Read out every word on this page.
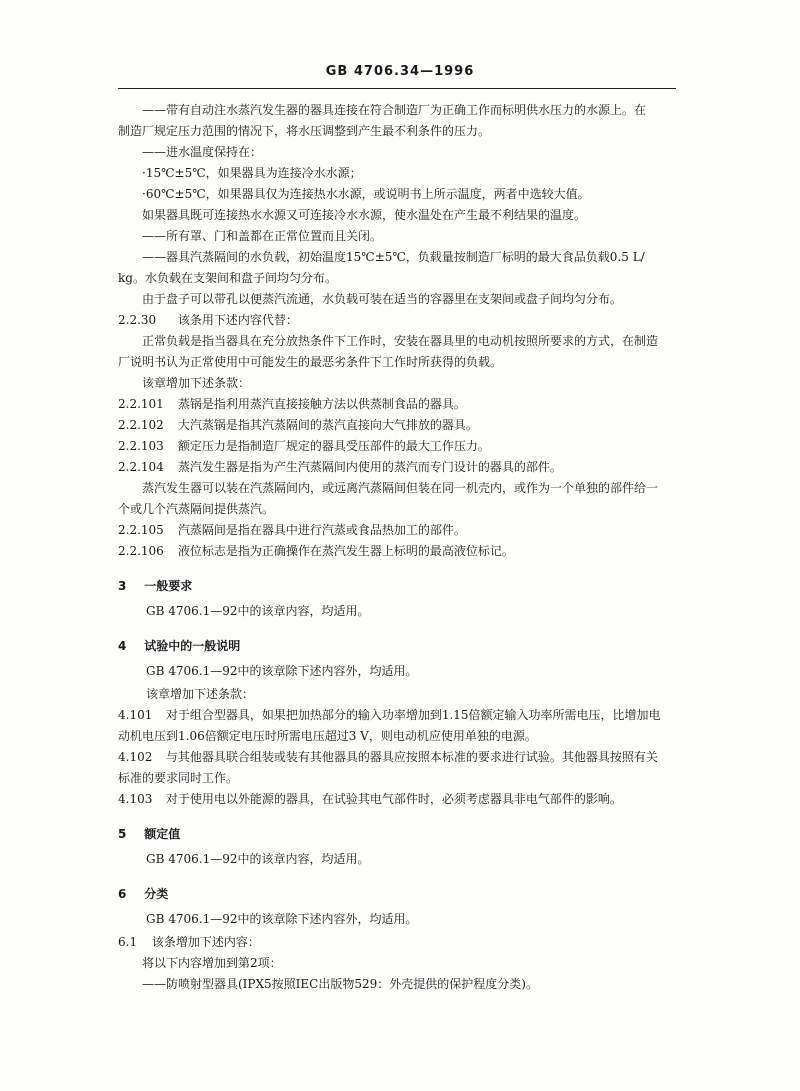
GB 4706.34—1996

——带有自动注水蒸汽发生器的器具连接在符合制造厂为正确工作而标明供水压力的水源上。在

制造厂规定压力范围的情况下，将水压调整到产生最不利条件的压力。

——进水温度保持在：

·15℃±5℃，如果器具为连接冷水水源；

·60℃±5℃，如果器具仅为连接热水水源，或说明书上所示温度，两者中选较大值。

如果器具既可连接热水水源又可连接冷水水源，使水温处在产生最不利结果的温度。

——所有罩、门和盖都在正常位置而且关闭。

——器具汽蒸隔间的水负载，初始温度15℃±5℃，负载量按制造厂标明的最大食品负载0.5 L/

kg。水负载在支架间和盘子间均匀分布。

由于盘子可以带孔以便蒸汽流通，水负载可装在适当的容器里在支架间或盘子间均匀分布。

2.2.30 该条用下述内容代替：

正常负载是指当器具在充分放热条件下工作时，安装在器具里的电动机按照所要求的方式，在制造

厂说明书认为正常使用中可能发生的最恶劣条件下工作时所获得的负载。

该章增加下述条款：

2.2.101 蒸锅是指利用蒸汽直接接触方法以供蒸制食品的器具。

2.2.102 大汽蒸锅是指其汽蒸隔间的蒸汽直接向大气排放的器具。

2.2.103 额定压力是指制造厂规定的器具受压部件的最大工作压力。

2.2.104 蒸汽发生器是指为产生汽蒸隔间内使用的蒸汽而专门设计的器具的部件。

蒸汽发生器可以装在汽蒸隔间内，或远离汽蒸隔间但装在同一机壳内，或作为一个单独的部件给一

个或几个汽蒸隔间提供蒸汽。

2.2.105 汽蒸隔间是指在器具中进行汽蒸或食品热加工的部件。

2.2.106 液位标志是指为正确操作在蒸汽发生器上标明的最高液位标记。

3 一般要求

GB 4706.1—92中的该章内容，均适用。

4 试验中的一般说明

GB 4706.1—92中的该章除下述内容外，均适用。

该章增加下述条款：

4.101 对于组合型器具，如果把加热部分的输入功率增加到1.15倍额定输入功率所需电压，比增加电

动机电压到1.06倍额定电压时所需电压超过3 V，则电动机应使用单独的电源。

4.102 与其他器具联合组装或装有其他器具的器具应按照本标准的要求进行试验。其他器具按照有关

标准的要求同时工作。

4.103 对于使用电以外能源的器具，在试验其电气部件时，必须考虑器具非电气部件的影响。

5 额定值

GB 4706.1—92中的该章内容，均适用。

6 分类

GB 4706.1—92中的该章除下述内容外，均适用。

6.1 该条增加下述内容：

将以下内容增加到第2项：

——防喷射型器具(IPX5按照IEC出版物529：外壳提供的保护程度分类)。
